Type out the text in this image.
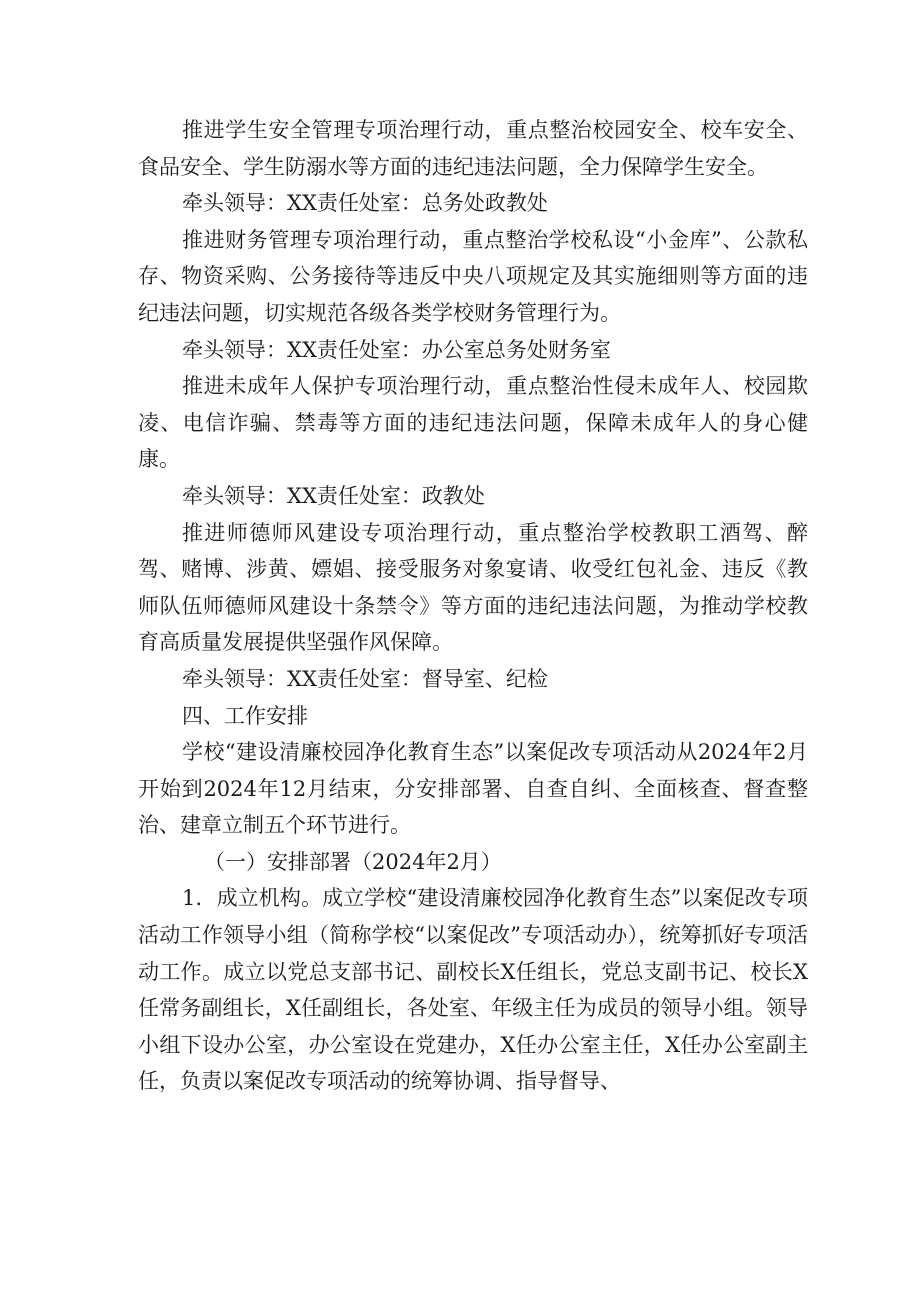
推进学生安全管理专项治理行动，重点整治校园安全、校车安全、食品安全、学生防溺水等方面的违纪违法问题，全力保障学生安全。

牵头领导：XX责任处室：总务处政教处

推进财务管理专项治理行动，重点整治学校私设“小金库”、公款私存、物资采购、公务接待等违反中央八项规定及其实施细则等方面的违纪违法问题，切实规范各级各类学校财务管理行为。

牵头领导：XX责任处室：办公室总务处财务室

推进未成年人保护专项治理行动，重点整治性侵未成年人、校园欺凌、电信诈骗、禁毒等方面的违纪违法问题，保障未成年人的身心健康。

牵头领导：XX责任处室：政教处

推进师德师风建设专项治理行动，重点整治学校教职工酒驾、醉驾、赌博、涉黄、嫖娼、接受服务对象宴请、收受红包礼金、违反《教师队伍师德师风建设十条禁令》等方面的违纪违法问题，为推动学校教育高质量发展提供坚强作风保障。

牵头领导：XX责任处室：督导室、纪检

四、工作安排

学校“建设清廉校园净化教育生态”以案促改专项活动从2024年2月开始到2024年12月结束，分安排部署、自查自纠、全面核查、督查整治、建章立制五个环节进行。

（一）安排部署（2024年2月）

1．成立机构。成立学校“建设清廉校园净化教育生态”以案促改专项活动工作领导小组（简称学校“以案促改”专项活动办），统筹抓好专项活动工作。成立以党总支部书记、副校长X任组长，党总支副书记、校长X任常务副组长，X任副组长，各处室、年级主任为成员的领导小组。领导小组下设办公室，办公室设在党建办，X任办公室主任，X任办公室副主任，负责以案促改专项活动的统筹协调、指导督导、
